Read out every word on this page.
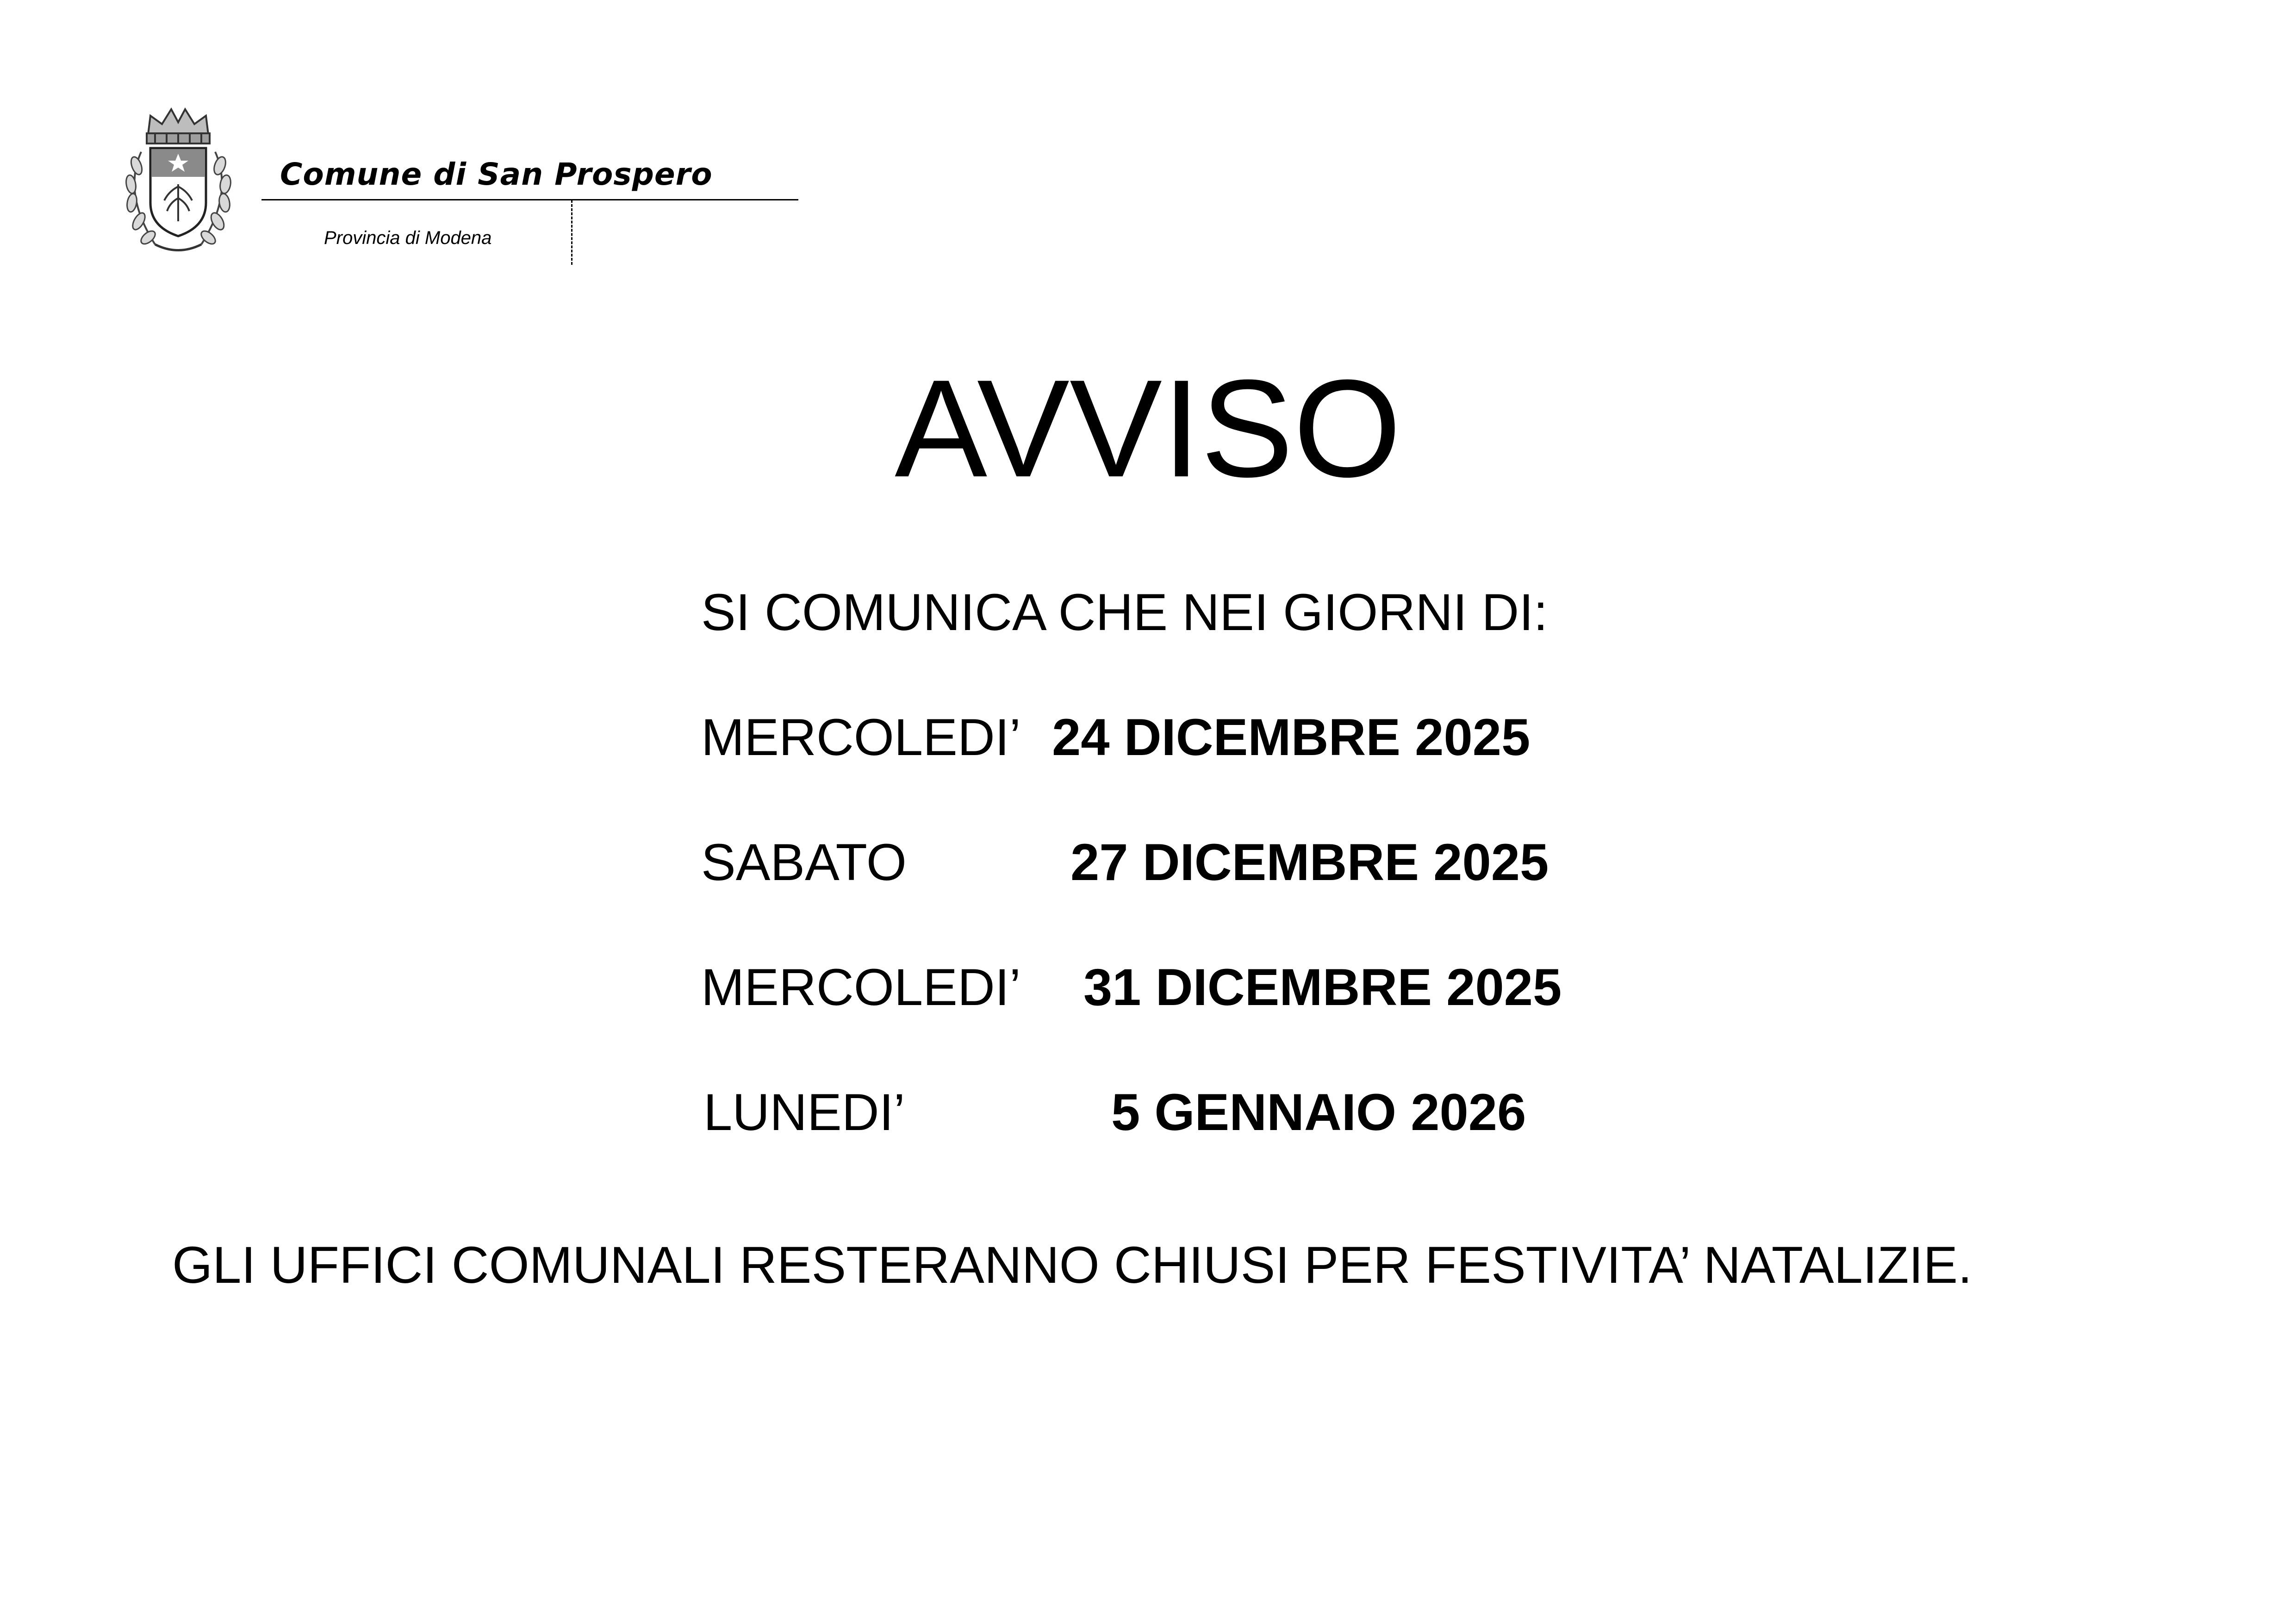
Comune di San Prospero
Provincia di Modena
AVVISO
SI COMUNICA CHE NEI GIORNI DI:
MERCOLEDI’ 24 DICEMBRE 2025
SABATO	27 DICEMBRE 2025
MERCOLEDI’ 31 DICEMBRE 2025
LUNEDI’	5 GENNAIO 2026
GLI UFFICI COMUNALI RESTERANNO CHIUSI PER FESTIVITA’ NATALIZIE.
